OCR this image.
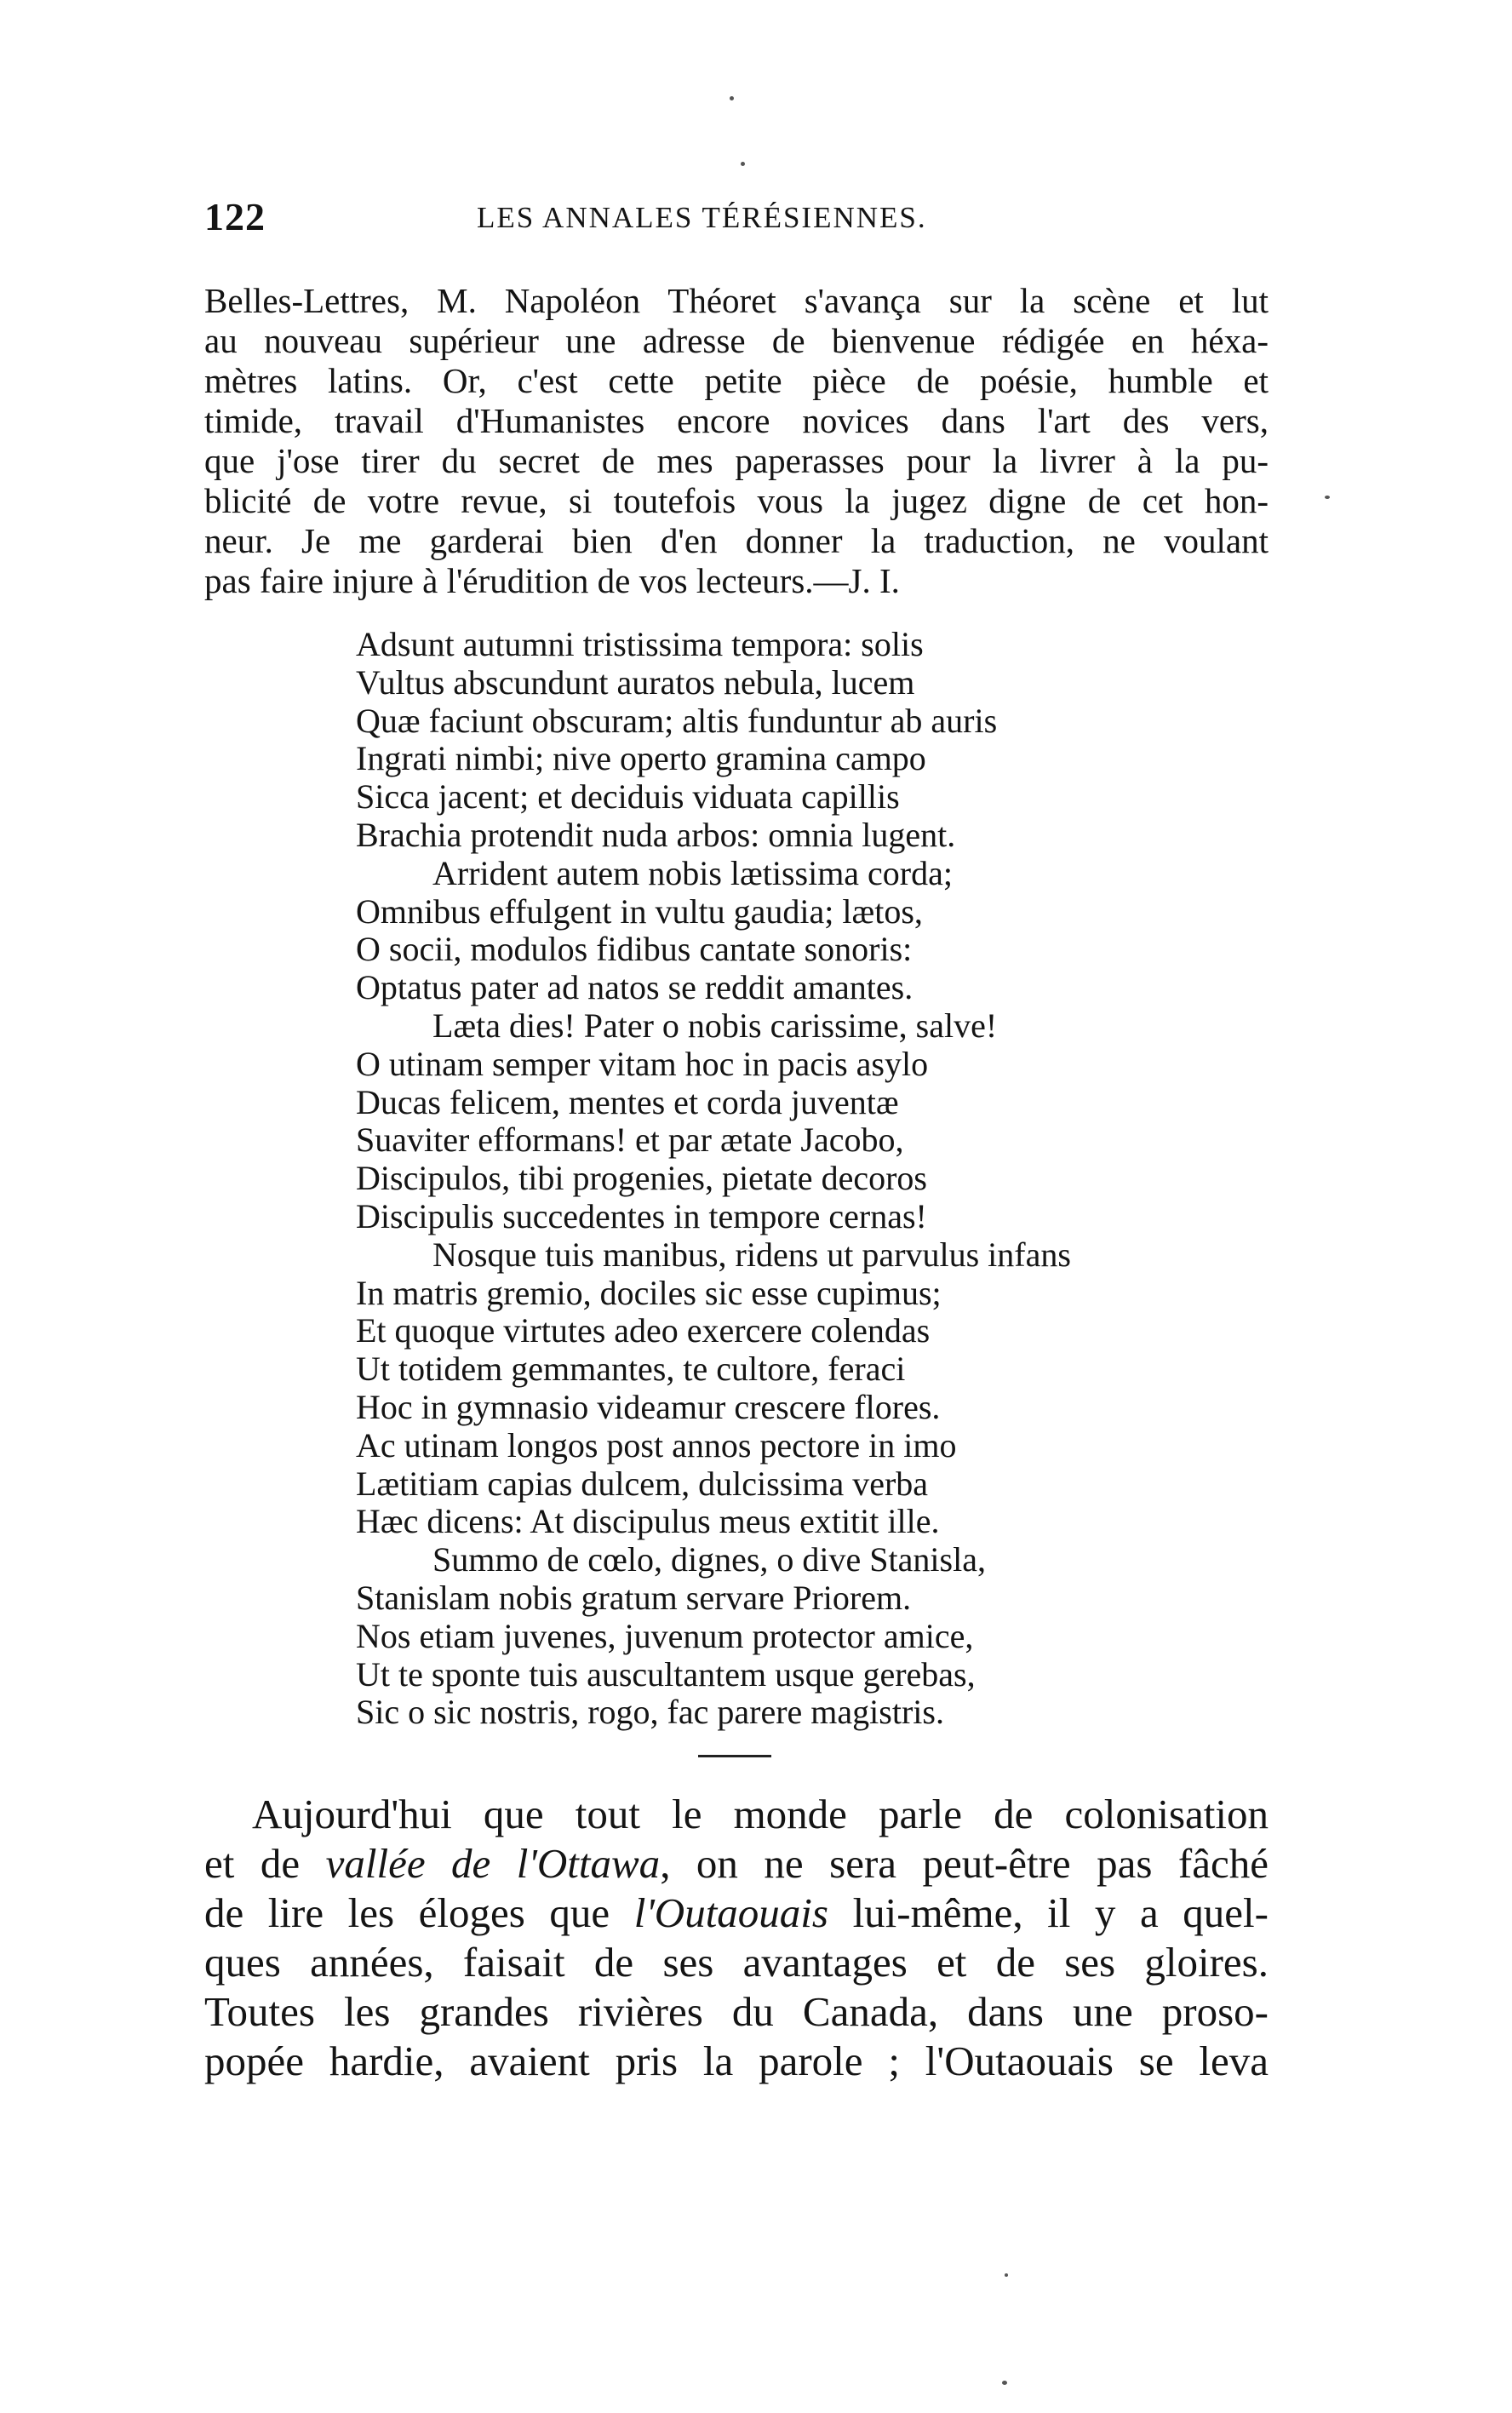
122	LES ANNALES TÉRÉSIENNES.
Belles-Lettres, M. Napoléon Théoret s'avança sur la scène et lut
au nouveau supérieur une adresse de bienvenue rédigée en héxa-
mètres latins. Or, c'est cette petite pièce de poésie, humble et
timide, travail d'Humanistes encore novices dans l'art des vers,
que j'ose tirer du secret de mes paperasses pour la livrer à la pu-
blicité de votre revue, si toutefois vous la jugez digne de cet hon-
neur. Je me garderai bien d'en donner la traduction, ne voulant
pas faire injure à l'érudition de vos lecteurs.—J. I.
Adsunt autumni tristissima tempora: solis
Vultus abscundunt auratos nebula, lucem
Quæ faciunt obscuram; altis funduntur ab auris
Ingrati nimbi; nive operto gramina campo
Sicca jacent; et deciduis viduata capillis
Brachia protendit nuda arbos: omnia lugent.
Arrident autem nobis lætissima corda;
Omnibus effulgent in vultu gaudia; lætos,
O socii, modulos fidibus cantate sonoris:
Optatus pater ad natos se reddit amantes.
Læta dies! Pater o nobis carissime, salve!
O utinam semper vitam hoc in pacis asylo
Ducas felicem, mentes et corda juventæ
Suaviter efformans! et par ætate Jacobo,
Discipulos, tibi progenies, pietate decoros
Discipulis succedentes in tempore cernas!
Nosque tuis manibus, ridens ut parvulus infans
In matris gremio, dociles sic esse cupimus;
Et quoque virtutes adeo exercere colendas
Ut totidem gemmantes, te cultore, feraci
Hoc in gymnasio videamur crescere flores.
Ac utinam longos post annos pectore in imo
Lætitiam capias dulcem, dulcissima verba
Hæc dicens: At discipulus meus extitit ille.
Summo de cœlo, dignes, o dive Stanisla,
Stanislam nobis gratum servare Priorem.
Nos etiam juvenes, juvenum protector amice,
Ut te sponte tuis auscultantem usque gerebas,
Sic o sic nostris, rogo, fac parere magistris.
Aujourd'hui que tout le monde parle de colonisation
et de vallée de l'Ottawa, on ne sera peut-être pas fâché
de lire les éloges que l'Outaouais lui-même, il y a quel-
ques années, faisait de ses avantages et de ses gloires.
Toutes les grandes rivières du Canada, dans une proso-
popée hardie, avaient pris la parole ; l'Outaouais se leva
